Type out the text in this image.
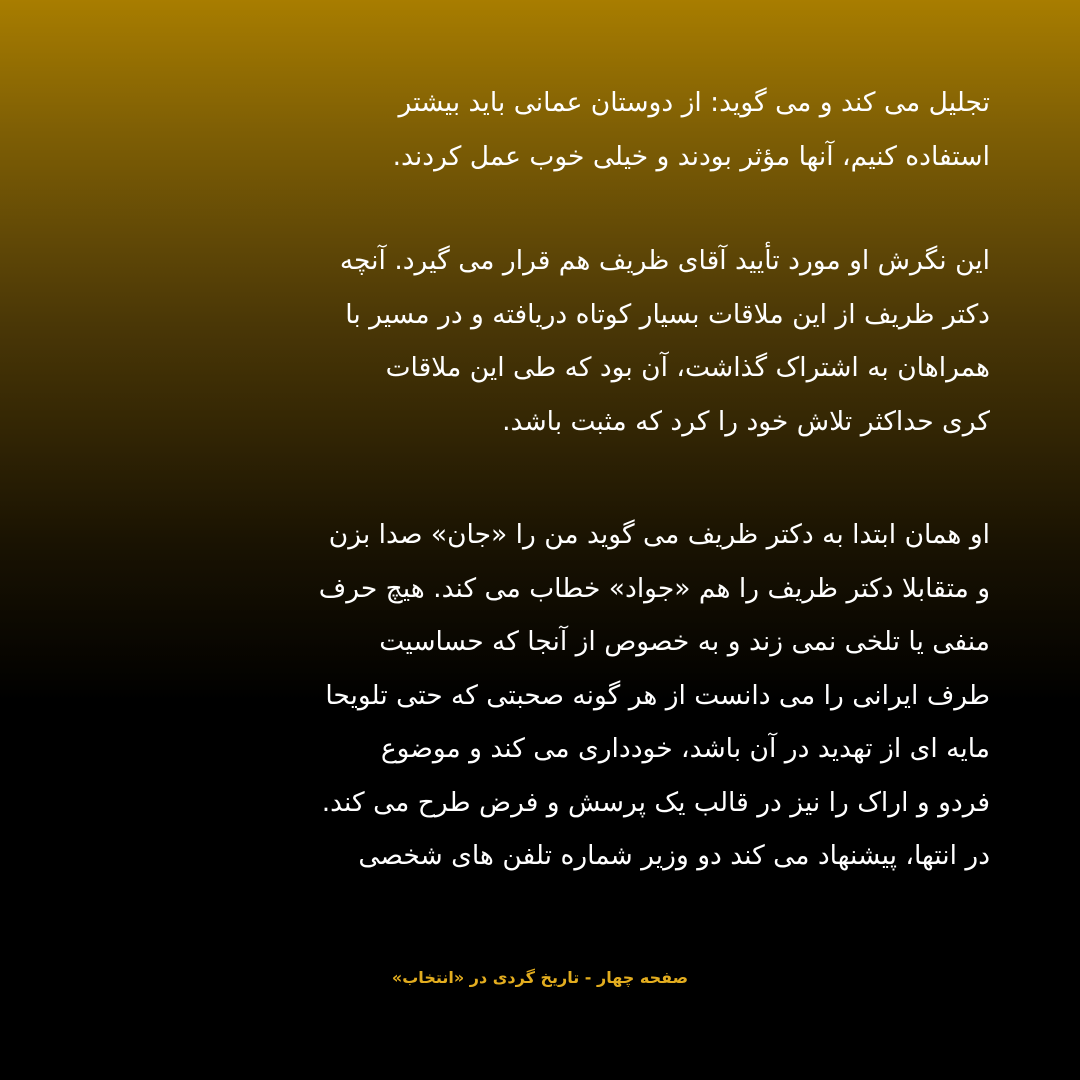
تجلیل می کند و می گوید: از دوستان عمانی باید بیشتر
استفاده کنیم، آنها مؤثر بودند و خیلی خوب عمل کردند.
این نگرش او مورد تأیید آقای ظریف هم قرار می گیرد. آنچه
دکتر ظریف از این ملاقات بسیار کوتاه دریافته و در مسیر با
همراهان به اشتراک گذاشت، آن بود که طی این ملاقات
کری حداکثر تلاش خود را کرد که مثبت باشد.
او همان ابتدا به دکتر ظریف می گوید من را «جان» صدا بزن
و متقابلا دکتر ظریف را هم «جواد» خطاب می کند. هیچ حرف
منفی یا تلخی نمی زند و به خصوص از آنجا که حساسیت
طرف ایرانی را می دانست از هر گونه صحبتی که حتی تلویحا
مایه ای از تهدید در آن باشد، خودداری می کند و موضوع
فردو و اراک را نیز در قالب یک پرسش و فرض طرح می کند.
در انتها، پیشنهاد می کند دو وزیر شماره تلفن های شخصی
صفحه چهار - تاریخ گردی در «انتخاب»
